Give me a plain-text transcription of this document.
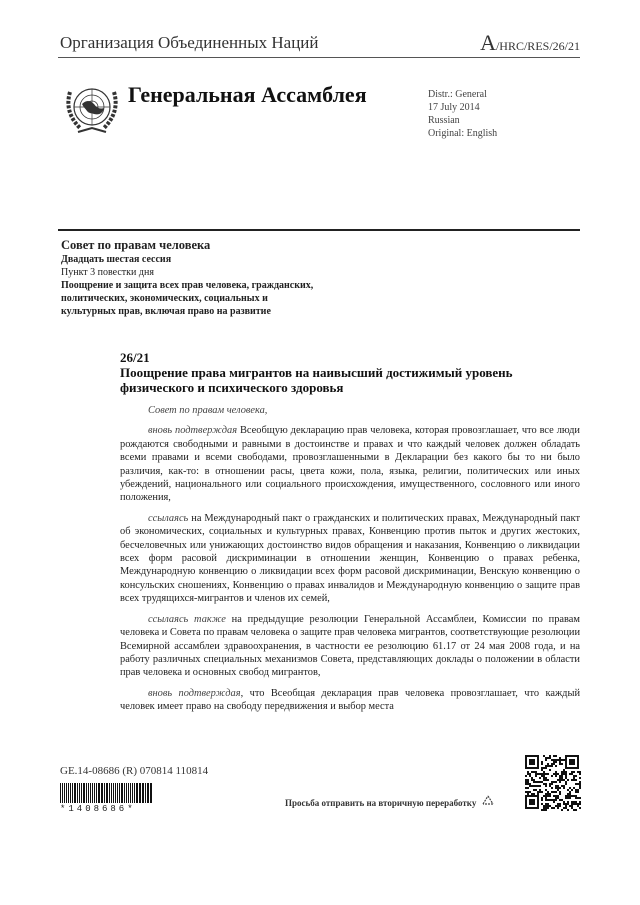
Организация Объединенных Наций	A/HRC/RES/26/21
Генеральная Ассамблея	Distr.: General
17 July 2014
Russian
Original: English
Совет по правам человека
Двадцать шестая сессия
Пункт 3 повестки дня
Поощрение и защита всех прав человека, гражданских, политических, экономических, социальных и культурных прав, включая право на развитие
26/21
Поощрение права мигрантов на наивысший достижимый уровень физического и психического здоровья

Совет по правам человека,

вновь подтверждая Всеобщую декларацию прав человека, которая провозглашает, что все люди рождаются свободными и равными в достоинстве и правах и что каждый человек должен обладать всеми правами и всеми свободами, провозглашенными в Декларации без какого бы то ни было различия, как-то: в отношении расы, цвета кожи, пола, языка, религии, политических или иных убеждений, национального или социального происхождения, имущественного, сословного или иного положения,

ссылаясь на Международный пакт о гражданских и политических правах, Международный пакт об экономических, социальных и культурных правах, Конвенцию против пыток и других жестоких, бесчеловечных или унижающих достоинство видов обращения и наказания, Конвенцию о ликвидации всех форм расовой дискриминации в отношении женщин, Конвенцию о правах ребенка, Международную конвенцию о ликвидации всех форм расовой дискриминации, Венскую конвенцию о консульских сношениях, Конвенцию о правах инвалидов и Международную конвенцию о защите прав всех трудящихся-мигрантов и членов их семей,

ссылаясь также на предыдущие резолюции Генеральной Ассамблеи, Комиссии по правам человека и Совета по правам человека о защите прав человека мигрантов, соответствующие резолюции Всемирной ассамблеи здравоохранения, в частности ее резолюцию 61.17 от 24 мая 2008 года, и на работу различных специальных механизмов Совета, представляющих доклады о положении в области прав человека и основных свобод мигрантов,

вновь подтверждая, что Всеобщая декларация прав человека провозглашает, что каждый человек имеет право на свободу передвижения и выбор места

GE.14-08686 (R) 070814 110814
*1408686*
Просьба отправить на вторичную переработку
